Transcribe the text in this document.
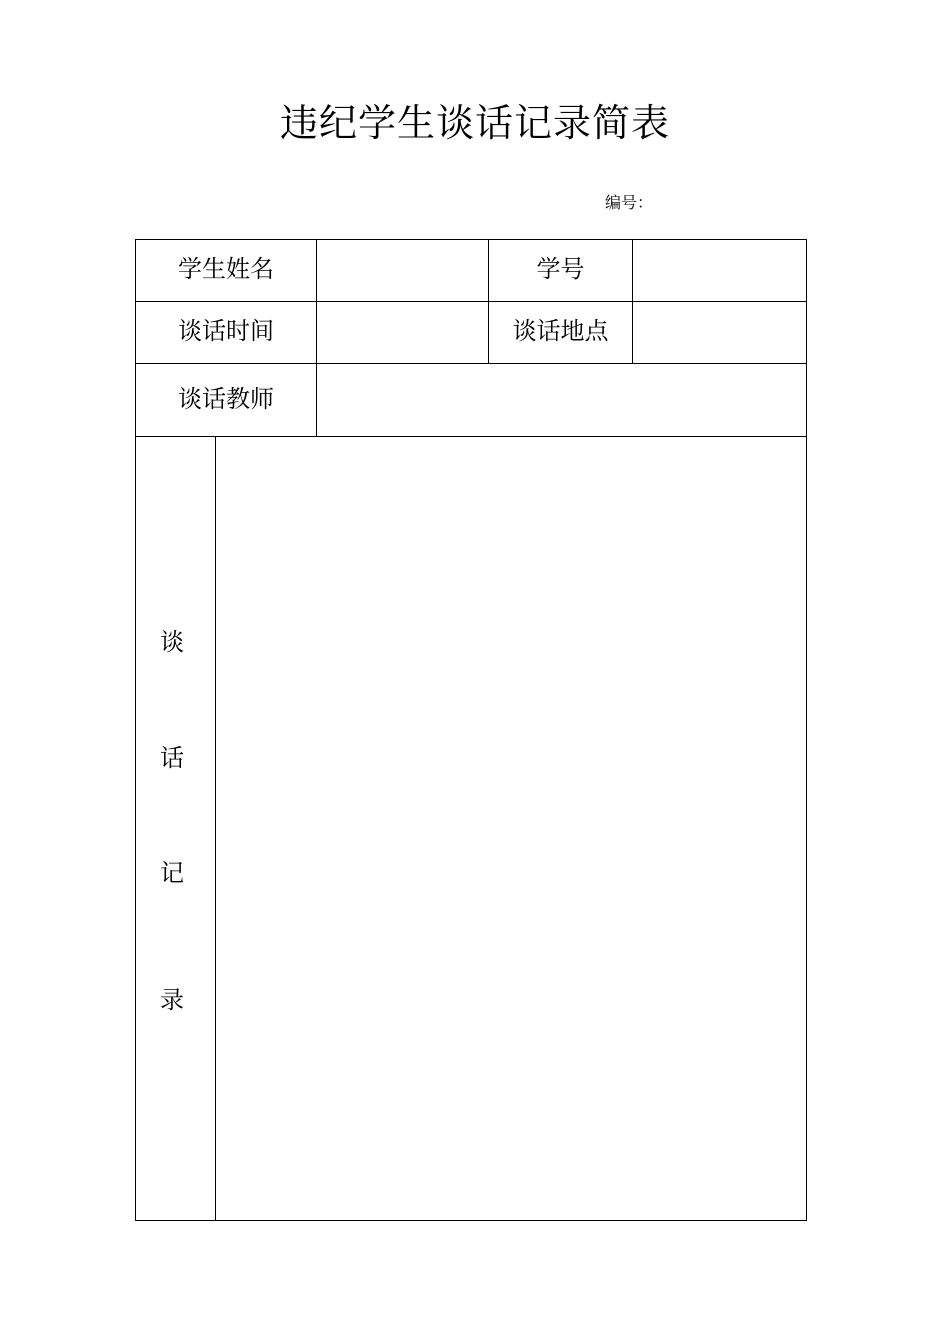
违纪学生谈话记录简表
编号：
学生姓名		学号	
谈话时间		谈话地点	
谈话教师			
谈
话
记
录
